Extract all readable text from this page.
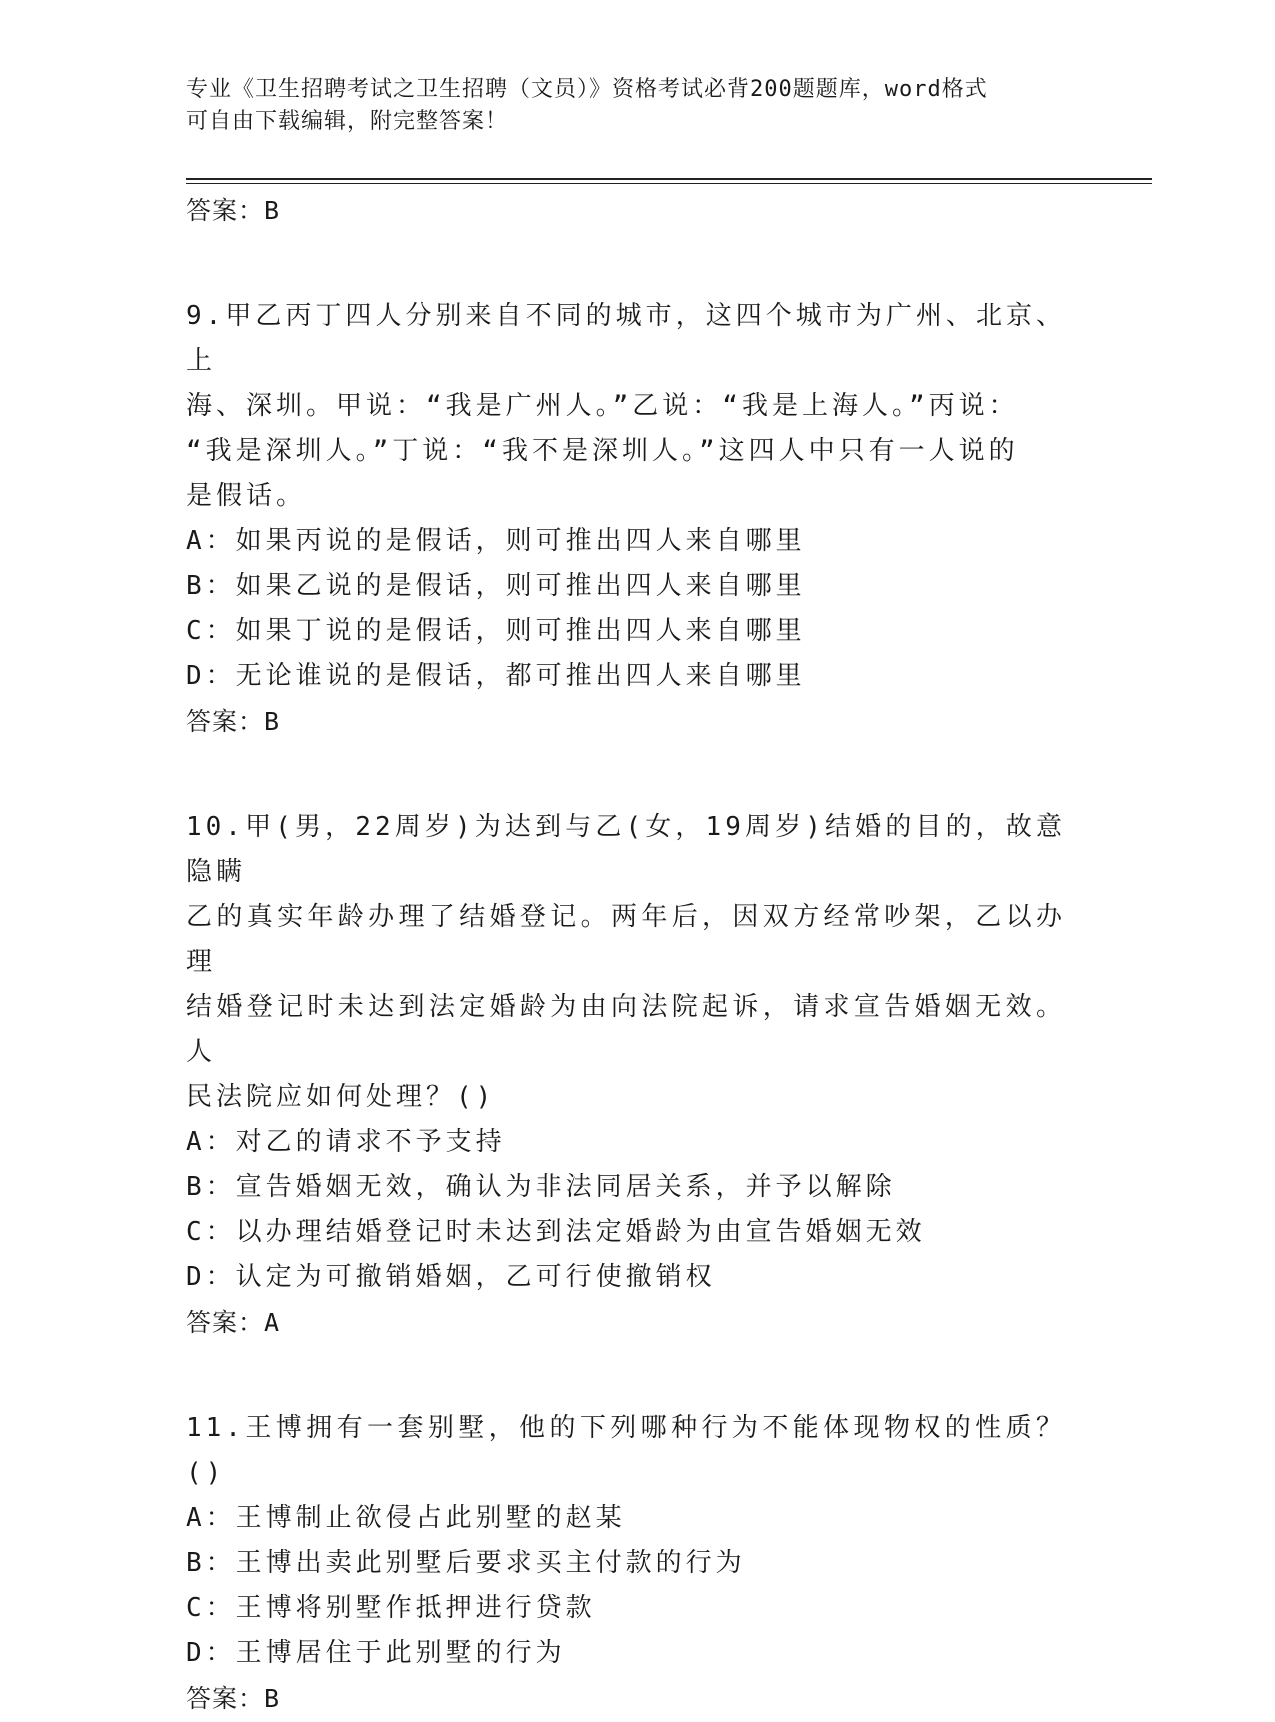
专业《卫生招聘考试之卫生招聘（文员）》资格考试必背200题题库，word格式
可自由下载编辑，附完整答案！
答案：B
9.甲乙丙丁四人分别来自不同的城市，这四个城市为广州、北京、上
海、深圳。甲说：“我是广州人。”乙说：“我是上海人。”丙说：
“我是深圳人。”丁说：“我不是深圳人。”这四人中只有一人说的
是假话。
A：如果丙说的是假话，则可推出四人来自哪里
B：如果乙说的是假话，则可推出四人来自哪里
C：如果丁说的是假话，则可推出四人来自哪里
D：无论谁说的是假话，都可推出四人来自哪里
答案：B
10.甲(男，22周岁)为达到与乙(女，19周岁)结婚的目的，故意隐瞒
乙的真实年龄办理了结婚登记。两年后，因双方经常吵架，乙以办理
结婚登记时未达到法定婚龄为由向法院起诉，请求宣告婚姻无效。人
民法院应如何处理？()
A：对乙的请求不予支持
B：宣告婚姻无效，确认为非法同居关系，并予以解除
C：以办理结婚登记时未达到法定婚龄为由宣告婚姻无效
D：认定为可撤销婚姻，乙可行使撤销权
答案：A
11.王博拥有一套别墅，他的下列哪种行为不能体现物权的性质？()
A：王博制止欲侵占此别墅的赵某
B：王博出卖此别墅后要求买主付款的行为
C：王博将别墅作抵押进行贷款
D：王博居住于此别墅的行为
答案：B
